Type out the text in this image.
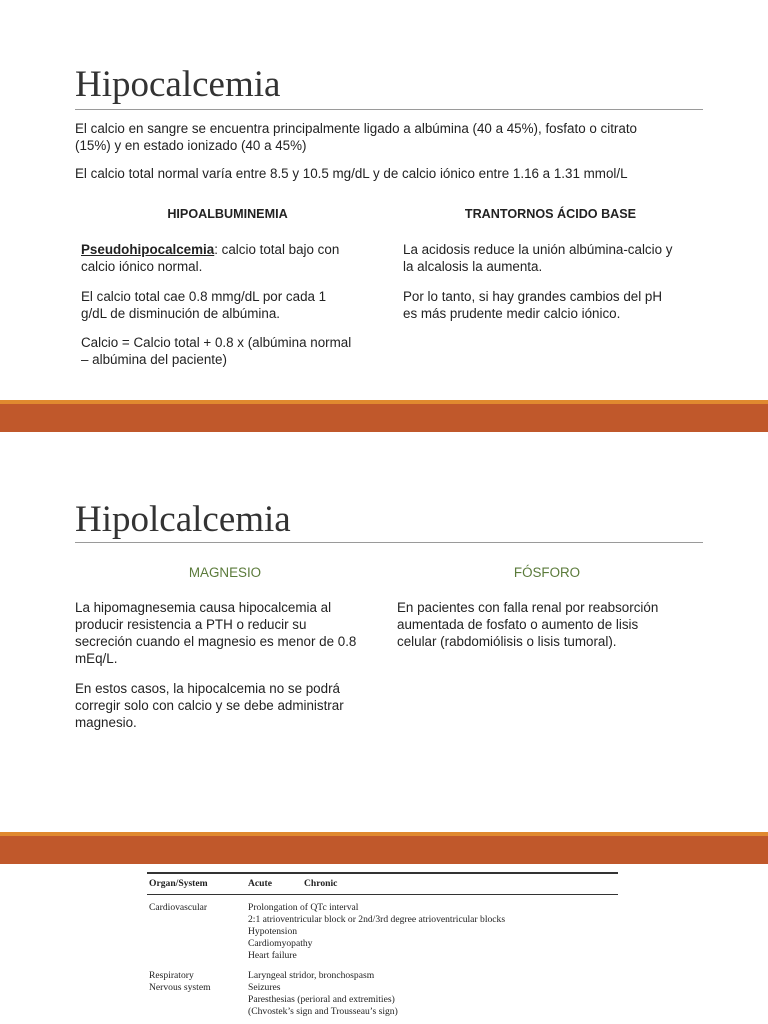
Hipocalcemia

El calcio en sangre se encuentra principalmente ligado a albúmina (40 a 45%), fosfato o citrato
(15%) y en estado ionizado (40 a 45%)

El calcio total normal varía entre 8.5 y 10.5 mg/dL y de calcio iónico entre 1.16 a 1.31 mmol/L

HIPOALBUMINEMIA	TRANTORNOS ÁCIDO BASE

Pseudohipocalcemia: calcio total bajo con
calcio iónico normal.

El calcio total cae 0.8 mmg/dL por cada 1
g/dL de disminución de albúmina.

Calcio = Calcio total + 0.8 x (albúmina normal
– albúmina del paciente)

La acidosis reduce la unión albúmina-calcio y
la alcalosis la aumenta.

Por lo tanto, si hay grandes cambios del pH
es más prudente medir calcio iónico.

Hipolcalcemia

MAGNESIO	FÓSFORO

La hipomagnesemia causa hipocalcemia al
producir resistencia a PTH o reducir su
secreción cuando el magnesio es menor de 0.8
mEq/L.

En estos casos, la hipocalcemia no se podrá
corregir solo con calcio y se debe administrar
magnesio.

En pacientes con falla renal por reabsorción
aumentada de fosfato o aumento de lisis
celular (rabdomiólisis o lisis tumoral).

Organ/System	Acute	Chronic
Cardiovascular	Prolongation of QTc interval
2:1 atrioventricular block or 2nd/3rd degree atrioventricular blocks
Hypotension
Cardiomyopathy
Heart failure
Respiratory	Laryngeal stridor, bronchospasm
Nervous system	Seizures
Paresthesias (perioral and extremities)
(Chvostek’s sign and Trousseau’s sign)
